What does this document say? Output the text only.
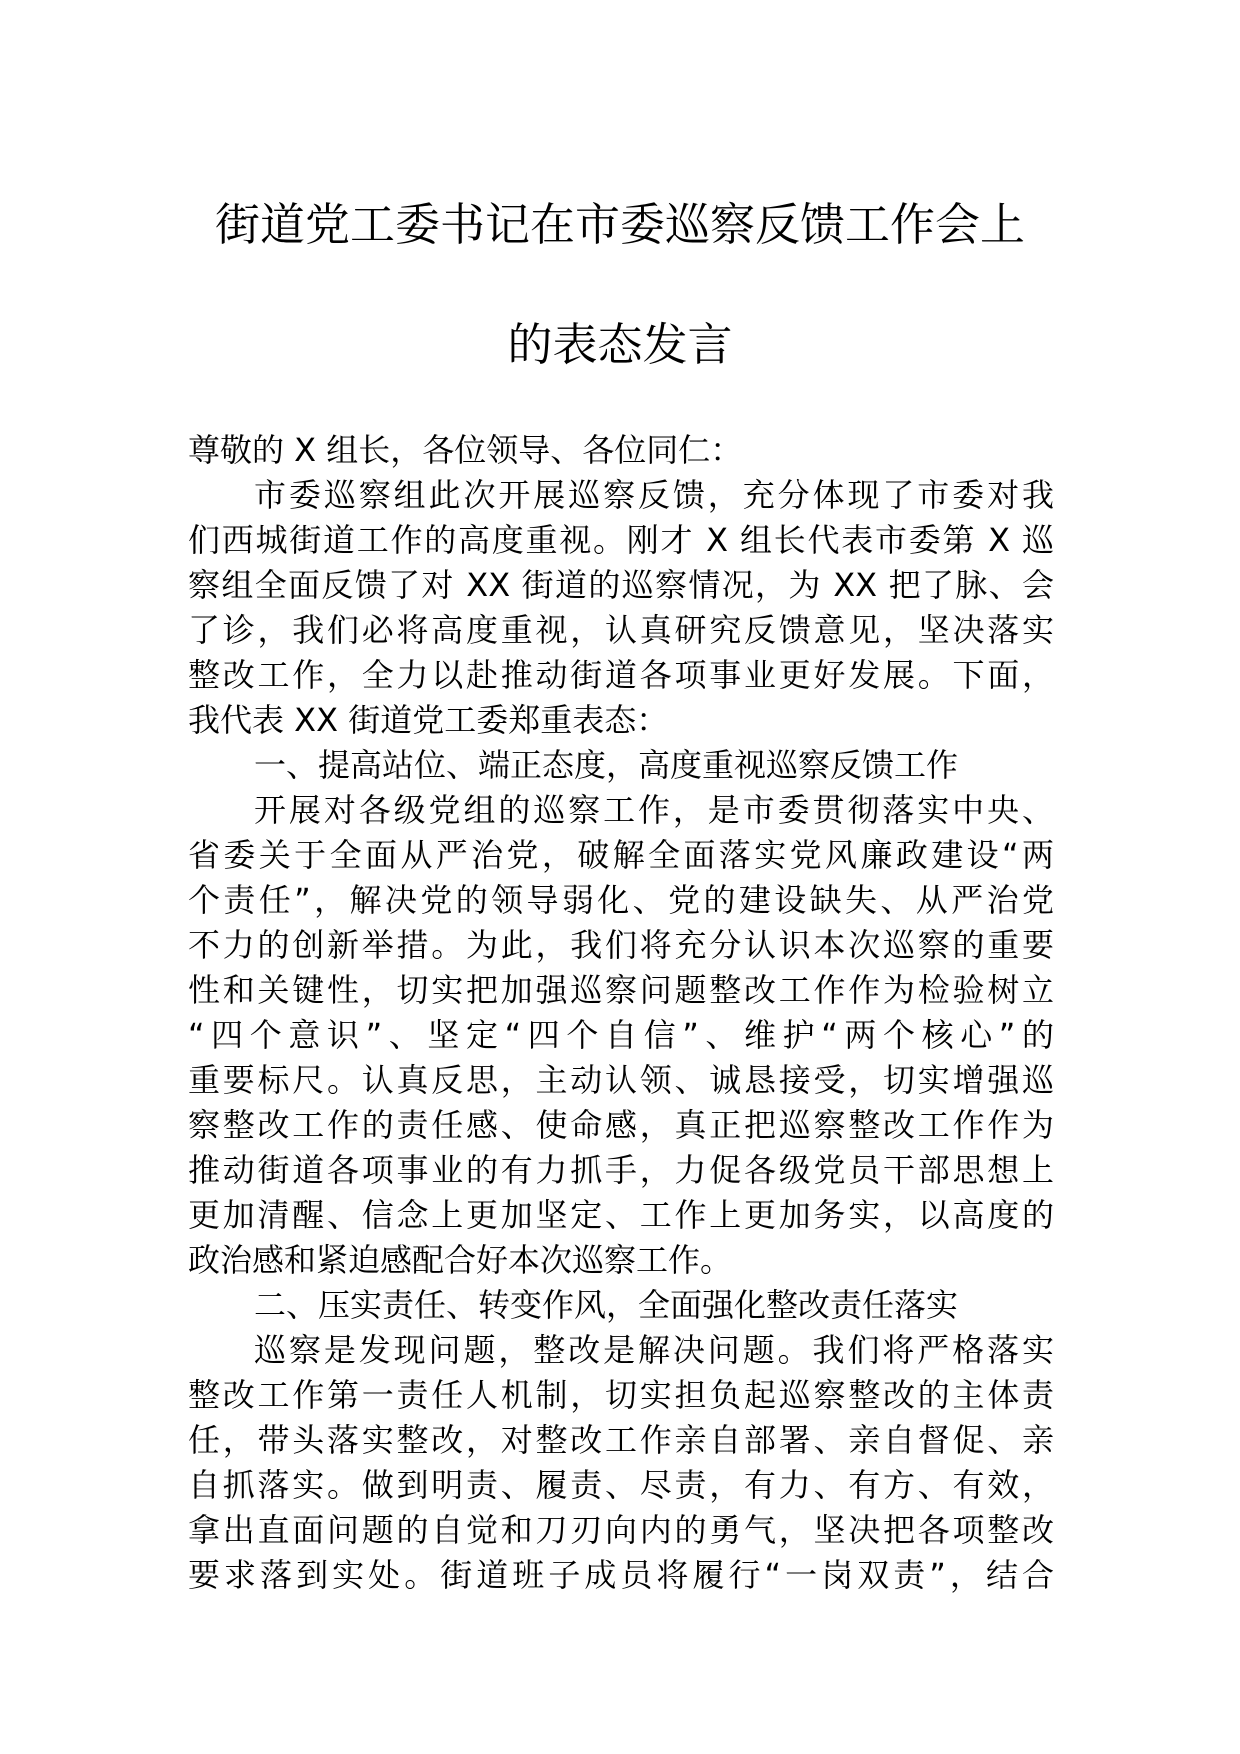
街道党工委书记在市委巡察反馈工作会上
的表态发言
尊敬的 X 组长，各位领导、各位同仁：
市委巡察组此次开展巡察反馈，充分体现了市委对我
们西城街道工作的高度重视。刚才 X 组长代表市委第 X 巡
察组全面反馈了对 XX 街道的巡察情况，为 XX 把了脉、会
了诊，我们必将高度重视，认真研究反馈意见，坚决落实
整改工作，全力以赴推动街道各项事业更好发展。下面，
我代表 XX 街道党工委郑重表态：
一、提高站位、端正态度，高度重视巡察反馈工作
开展对各级党组的巡察工作，是市委贯彻落实中央、
省委关于全面从严治党，破解全面落实党风廉政建设“两
个责任”，解决党的领导弱化、党的建设缺失、从严治党
不力的创新举措。为此，我们将充分认识本次巡察的重要
性和关键性，切实把加强巡察问题整改工作作为检验树立
“四个意识”、坚定“四个自信”、维护“两个核心”的
重要标尺。认真反思，主动认领、诚恳接受，切实增强巡
察整改工作的责任感、使命感，真正把巡察整改工作作为
推动街道各项事业的有力抓手，力促各级党员干部思想上
更加清醒、信念上更加坚定、工作上更加务实，以高度的
政治感和紧迫感配合好本次巡察工作。
二、压实责任、转变作风，全面强化整改责任落实
巡察是发现问题，整改是解决问题。我们将严格落实
整改工作第一责任人机制，切实担负起巡察整改的主体责
任，带头落实整改，对整改工作亲自部署、亲自督促、亲
自抓落实。做到明责、履责、尽责，有力、有方、有效，
拿出直面问题的自觉和刀刃向内的勇气，坚决把各项整改
要求落到实处。街道班子成员将履行“一岗双责”，结合
